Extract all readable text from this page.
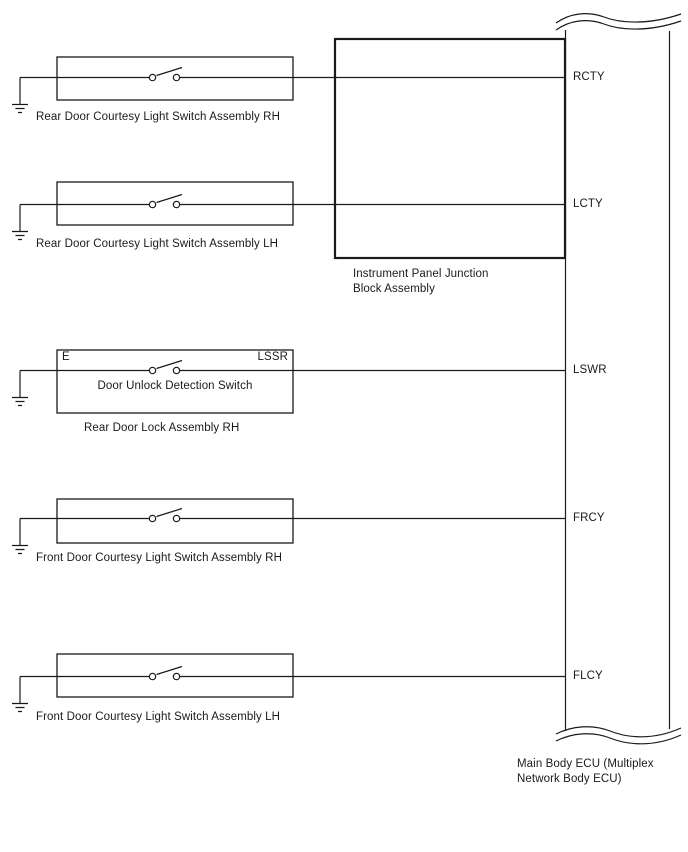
Rear Door Courtesy Light Switch Assembly RH
Rear Door Courtesy Light Switch Assembly LH
Rear Door Lock Assembly RH
Front Door Courtesy Light Switch Assembly RH
Front Door Courtesy Light Switch Assembly LH
E	LSSR
Door Unlock Detection Switch
Instrument Panel Junction
Block Assembly
RCTY
LCTY
LSWR
FRCY
FLCY
Main Body ECU (Multiplex
Network Body ECU)
